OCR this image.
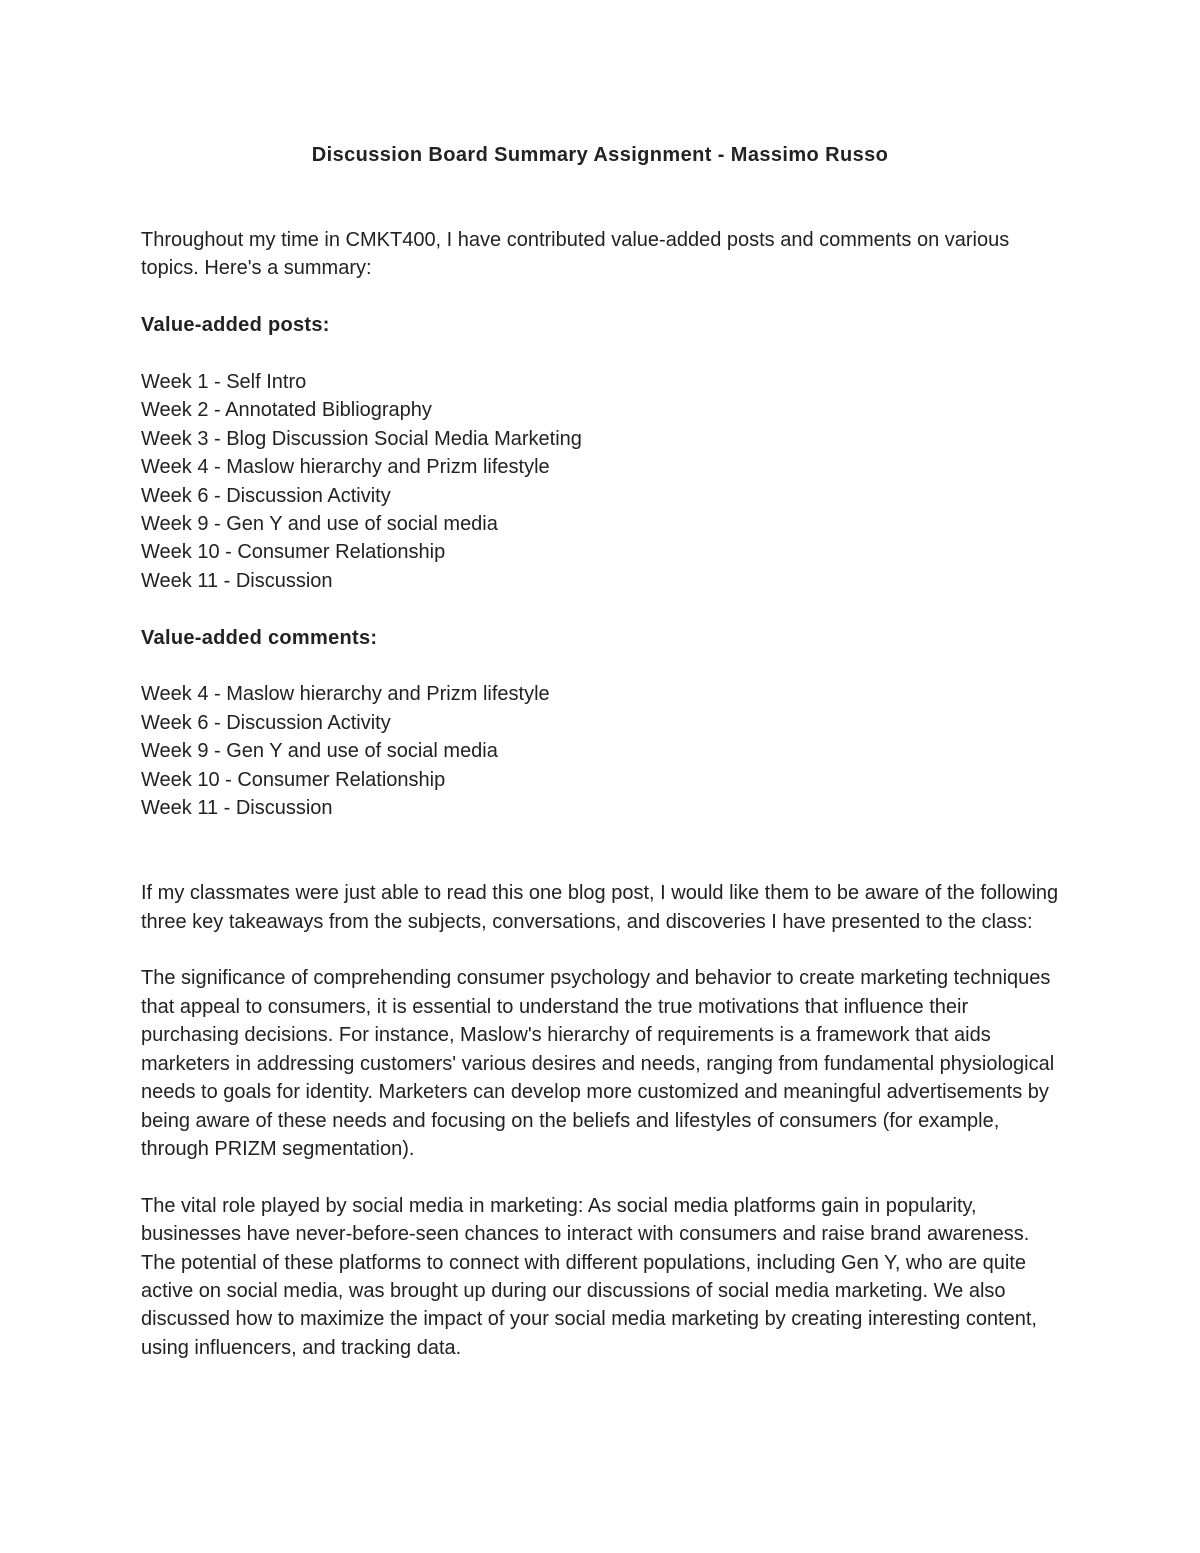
Discussion Board Summary Assignment - Massimo Russo

Throughout my time in CMKT400, I have contributed value-added posts and comments on various topics. Here's a summary:

Value-added posts:

Week 1 - Self Intro
Week 2 - Annotated Bibliography
Week 3 - Blog Discussion Social Media Marketing
Week 4 - Maslow hierarchy and Prizm lifestyle
Week 6 - Discussion Activity
Week 9 - Gen Y and use of social media
Week 10 - Consumer Relationship
Week 11 - Discussion

Value-added comments:

Week 4 - Maslow hierarchy and Prizm lifestyle
Week 6 - Discussion Activity
Week 9 - Gen Y and use of social media
Week 10 - Consumer Relationship
Week 11 - Discussion

If my classmates were just able to read this one blog post, I would like them to be aware of the following three key takeaways from the subjects, conversations, and discoveries I have presented to the class:

The significance of comprehending consumer psychology and behavior to create marketing techniques that appeal to consumers, it is essential to understand the true motivations that influence their purchasing decisions. For instance, Maslow's hierarchy of requirements is a framework that aids marketers in addressing customers' various desires and needs, ranging from fundamental physiological needs to goals for identity. Marketers can develop more customized and meaningful advertisements by being aware of these needs and focusing on the beliefs and lifestyles of consumers (for example, through PRIZM segmentation).

The vital role played by social media in marketing: As social media platforms gain in popularity, businesses have never-before-seen chances to interact with consumers and raise brand awareness. The potential of these platforms to connect with different populations, including Gen Y, who are quite active on social media, was brought up during our discussions of social media marketing. We also discussed how to maximize the impact of your social media marketing by creating interesting content, using influencers, and tracking data.
